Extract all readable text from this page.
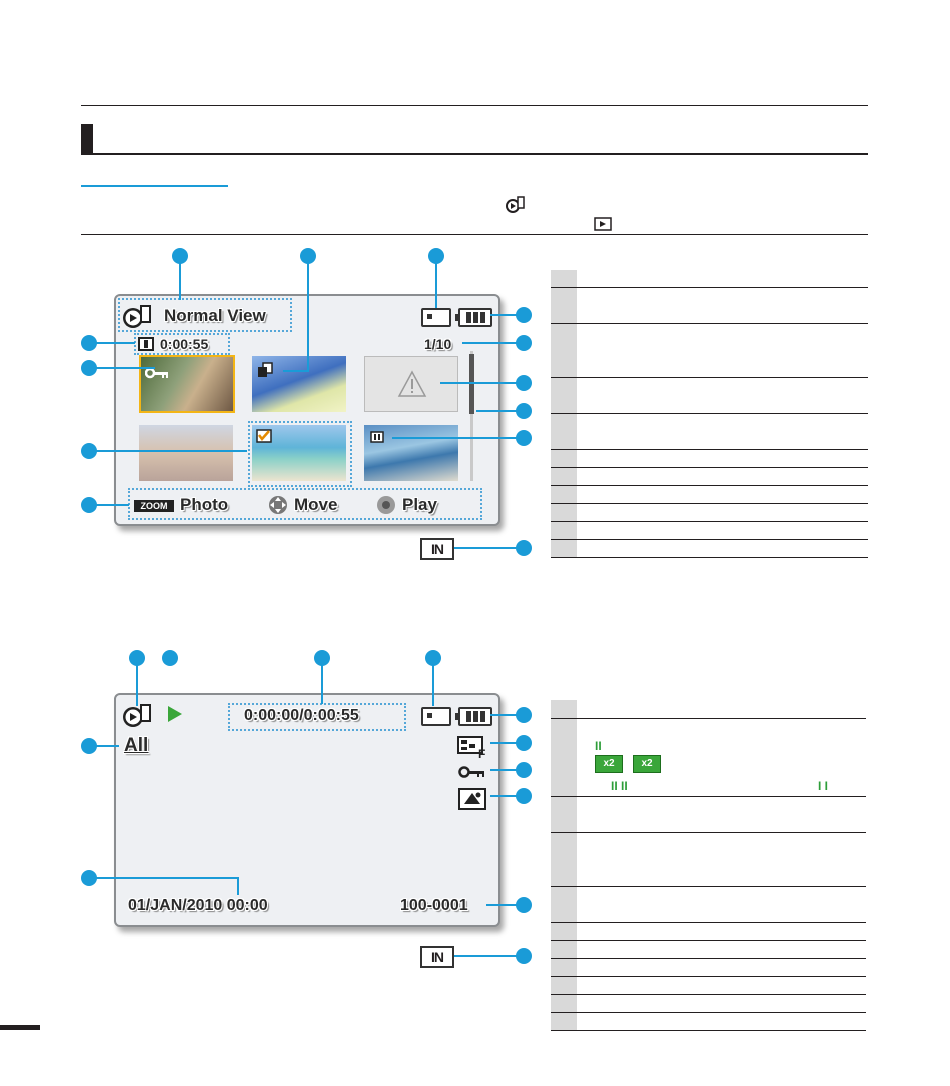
Normal View
0:00:55	1/10
ZOOM Photo	Move	Play
IN
0:00:00/0:00:55
All	F
01/JAN/2010 00:00	100-0001
IN
II
x2	x2
II II	I I
